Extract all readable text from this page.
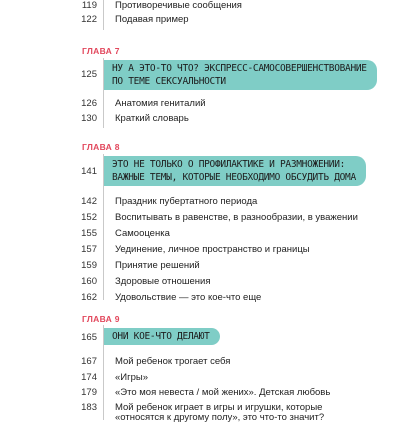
119 Противоречивые сообщения
122 Подавая пример
ГЛАВА 7
125
НУ А ЭТО-ТО ЧТО? ЭКСПРЕСС-САМОСОВЕРШЕНСТВОВАНИЕ
ПО ТЕМЕ СЕКСУАЛЬНОСТИ
126 Анатомия гениталий
130 Краткий словарь
ГЛАВА 8
141
ЭТО НЕ ТОЛЬКО О ПРОФИЛАКТИКЕ И РАЗМНОЖЕНИИ:
ВАЖНЫЕ ТЕМЫ, КОТОРЫЕ НЕОБХОДИМО ОБСУДИТЬ ДОМА
142 Праздник пубертатного периода
152 Воспитывать в равенстве, в разнообразии, в уважении
155 Самооценка
157 Уединение, личное пространство и границы
159 Принятие решений
160 Здоровые отношения
162 Удовольствие — это кое-что еще
ГЛАВА 9
165 ОНИ КОЕ-ЧТО ДЕЛАЮТ
167 Мой ребенок трогает себя
174 «Игры»
179 «Это моя невеста / мой жених». Детская любовь
183 Мой ребенок играет в игры и игрушки, которые
«относятся к другому полу», это что-то значит?
